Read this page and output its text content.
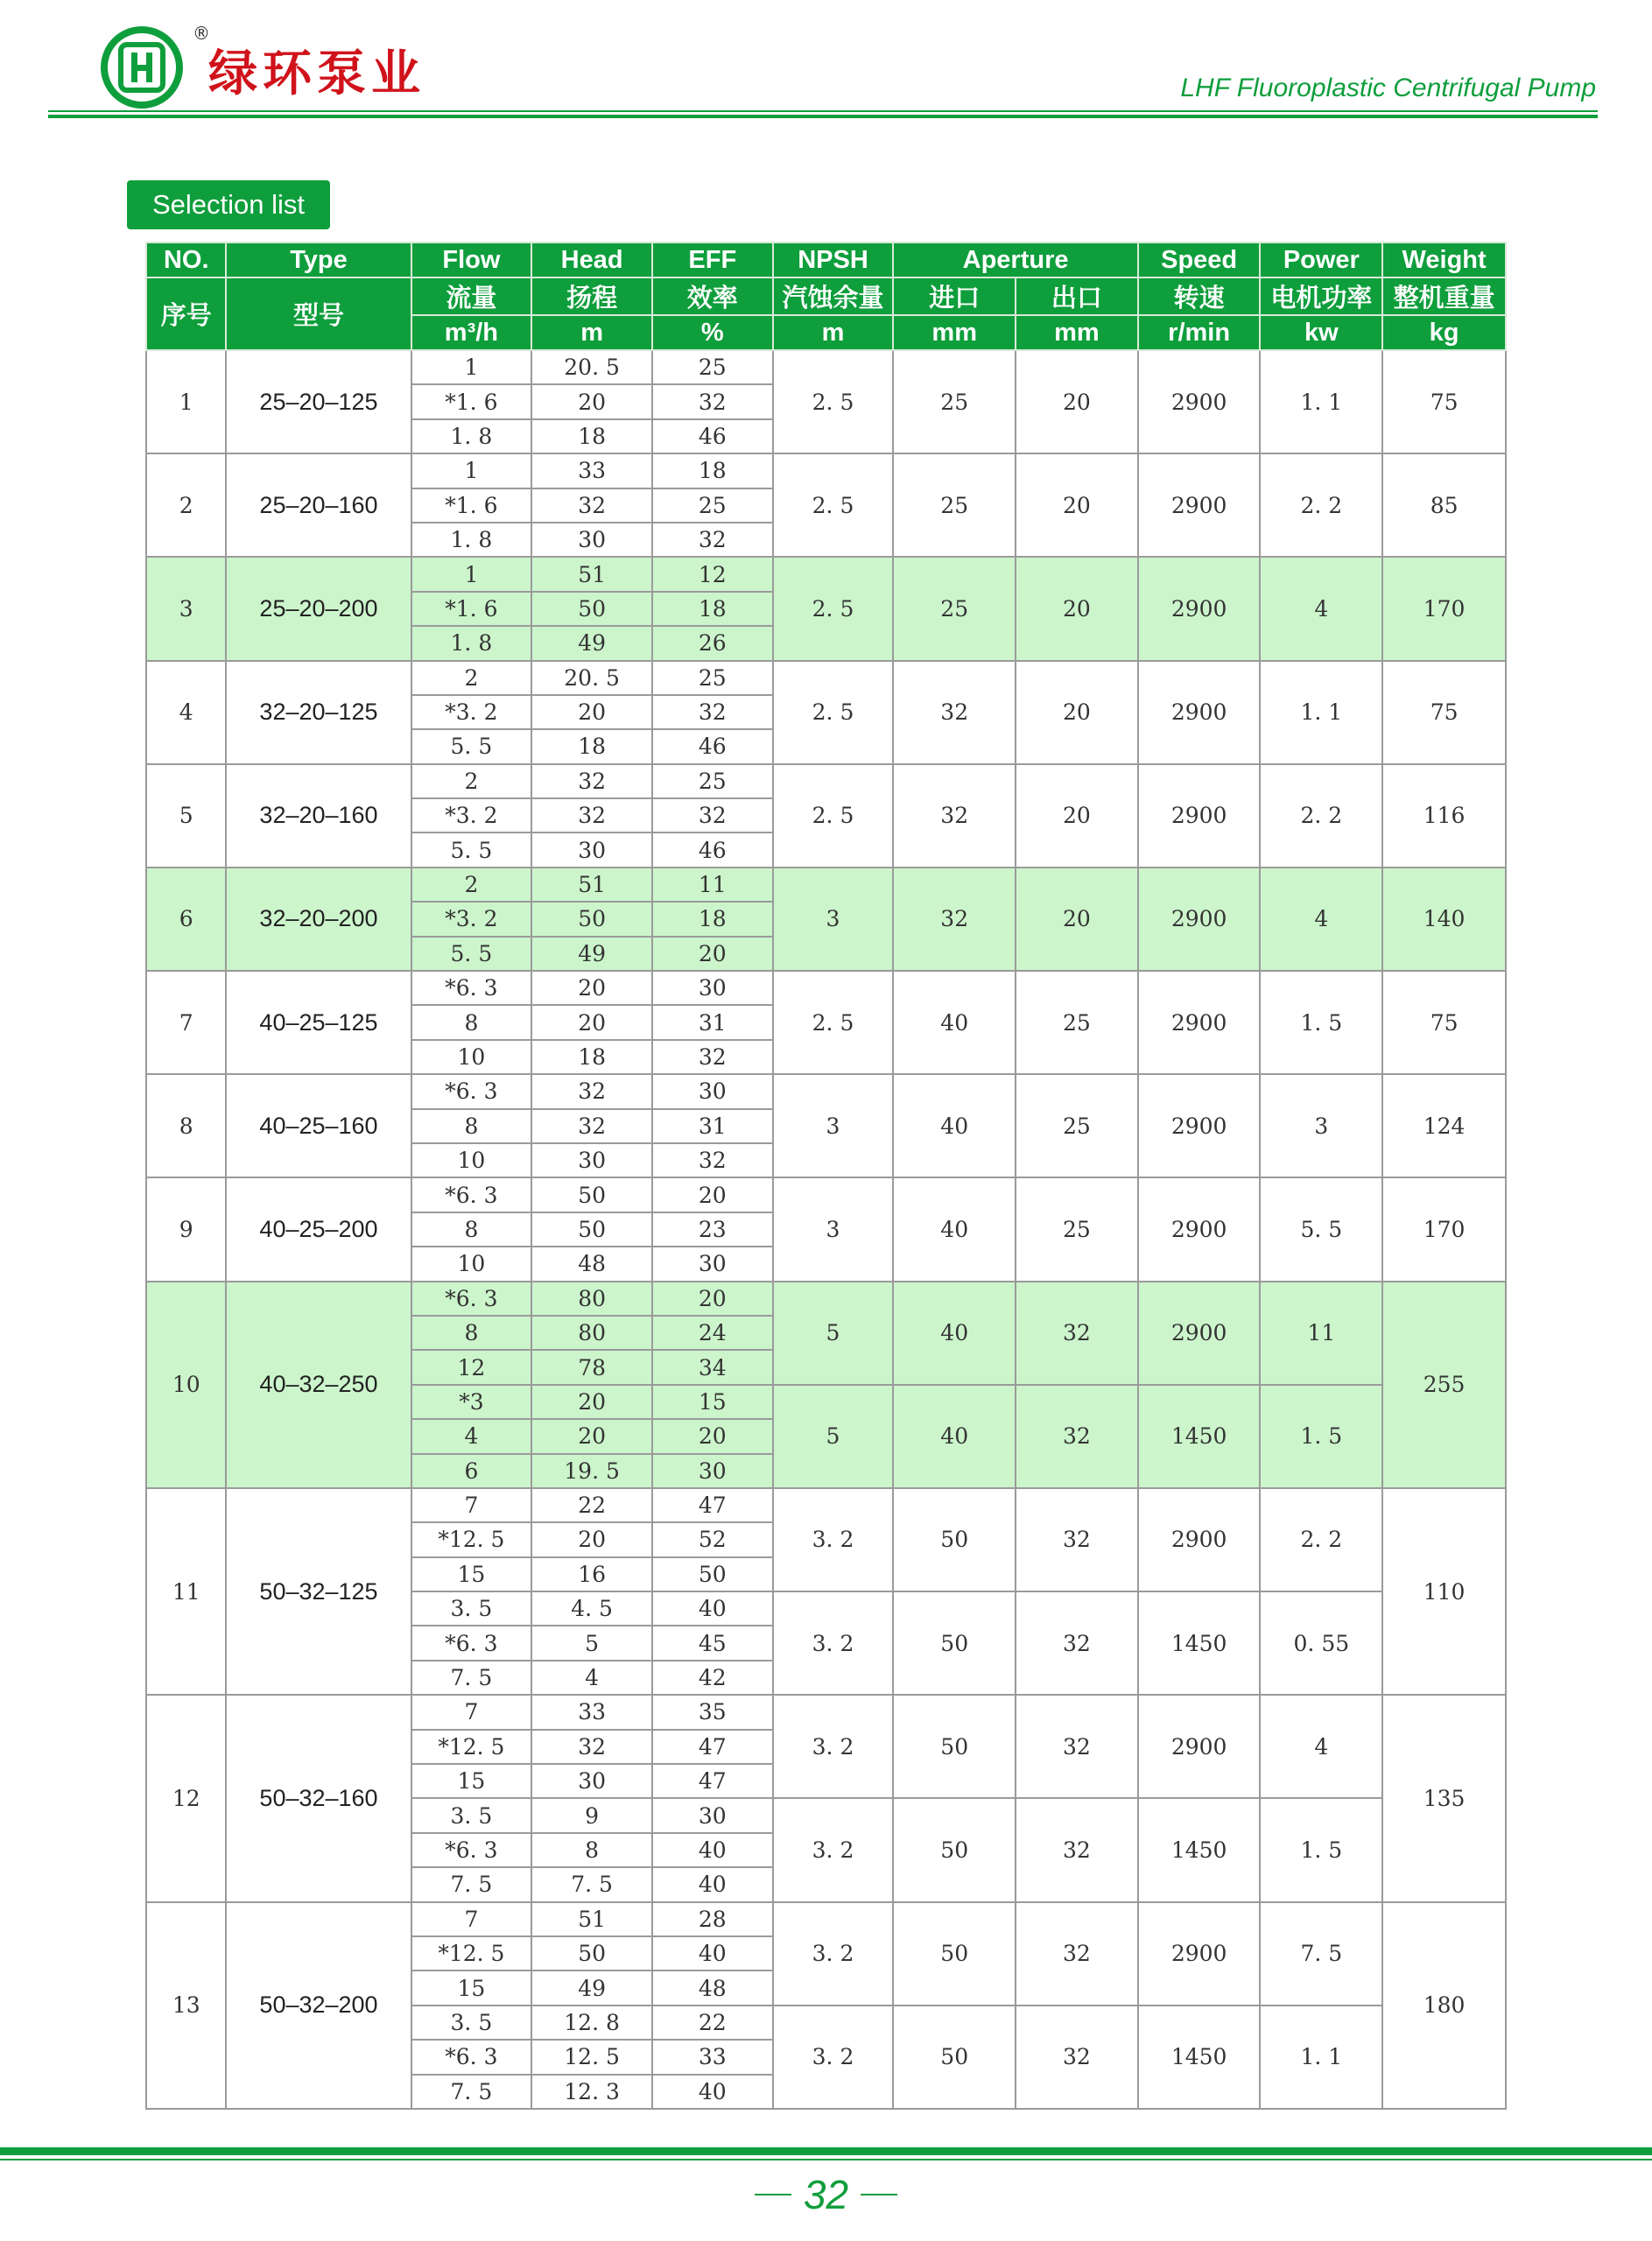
®
绿环泵业	LHF Fluoroplastic Centrifugal Pump
Selection list
NO.	Type	Flow	Head	EFF	NPSH	Aperture		Speed	Power	Weight
序号	型号	流量	扬程	效率	汽蚀余量	进口	出口	转速	电机功率	整机重量
		m³/h	m	%	m	mm	mm	r/min	kw	kg
1	25–20–125	1	20. 5	25	2. 5	25	20	2900	1. 1	75
		*1. 6	20	32						
		1. 8	18	46						
2	25–20–160	1	33	18	2. 5	25	20	2900	2. 2	85
		*1. 6	32	25						
		1. 8	30	32						
3	25–20–200	1	51	12	2. 5	25	20	2900	4	170
		*1. 6	50	18						
		1. 8	49	26						
4	32–20–125	2	20. 5	25	2. 5	32	20	2900	1. 1	75
		*3. 2	20	32						
		5. 5	18	46						
5	32–20–160	2	32	25	2. 5	32	20	2900	2. 2	116
		*3. 2	32	32						
		5. 5	30	46						
6	32–20–200	2	51	11	3	32	20	2900	4	140
		*3. 2	50	18						
		5. 5	49	20						
7	40–25–125	*6. 3	20	30	2. 5	40	25	2900	1. 5	75
		8	20	31						
		10	18	32						
8	40–25–160	*6. 3	32	30	3	40	25	2900	3	124
		8	32	31						
		10	30	32						
9	40–25–200	*6. 3	50	20	3	40	25	2900	5. 5	170
		8	50	23						
		10	48	30						
10	40–32–250	*6. 3	80	20	5	40	32	2900	11	255
		8	80	24						
		12	78	34						
		*3	20	15	5	40	32	1450	1. 5	
		4	20	20						
		6	19. 5	30						
11	50–32–125	7	22	47	3. 2	50	32	2900	2. 2	110
		*12. 5	20	52						
		15	16	50						
		3. 5	4. 5	40	3. 2	50	32	1450	0. 55	
		*6. 3	5	45						
		7. 5	4	42						
12	50–32–160	7	33	35	3. 2	50	32	2900	4	135
		*12. 5	32	47						
		15	30	47						
		3. 5	9	30	3. 2	50	32	1450	1. 5	
		*6. 3	8	40						
		7. 5	7. 5	40						
13	50–32–200	7	51	28	3. 2	50	32	2900	7. 5	180
		*12. 5	50	40						
		15	49	48						
		3. 5	12. 8	22	3. 2	50	32	1450	1. 1	
		*6. 3	12. 5	33						
		7. 5	12. 3	40						
32
